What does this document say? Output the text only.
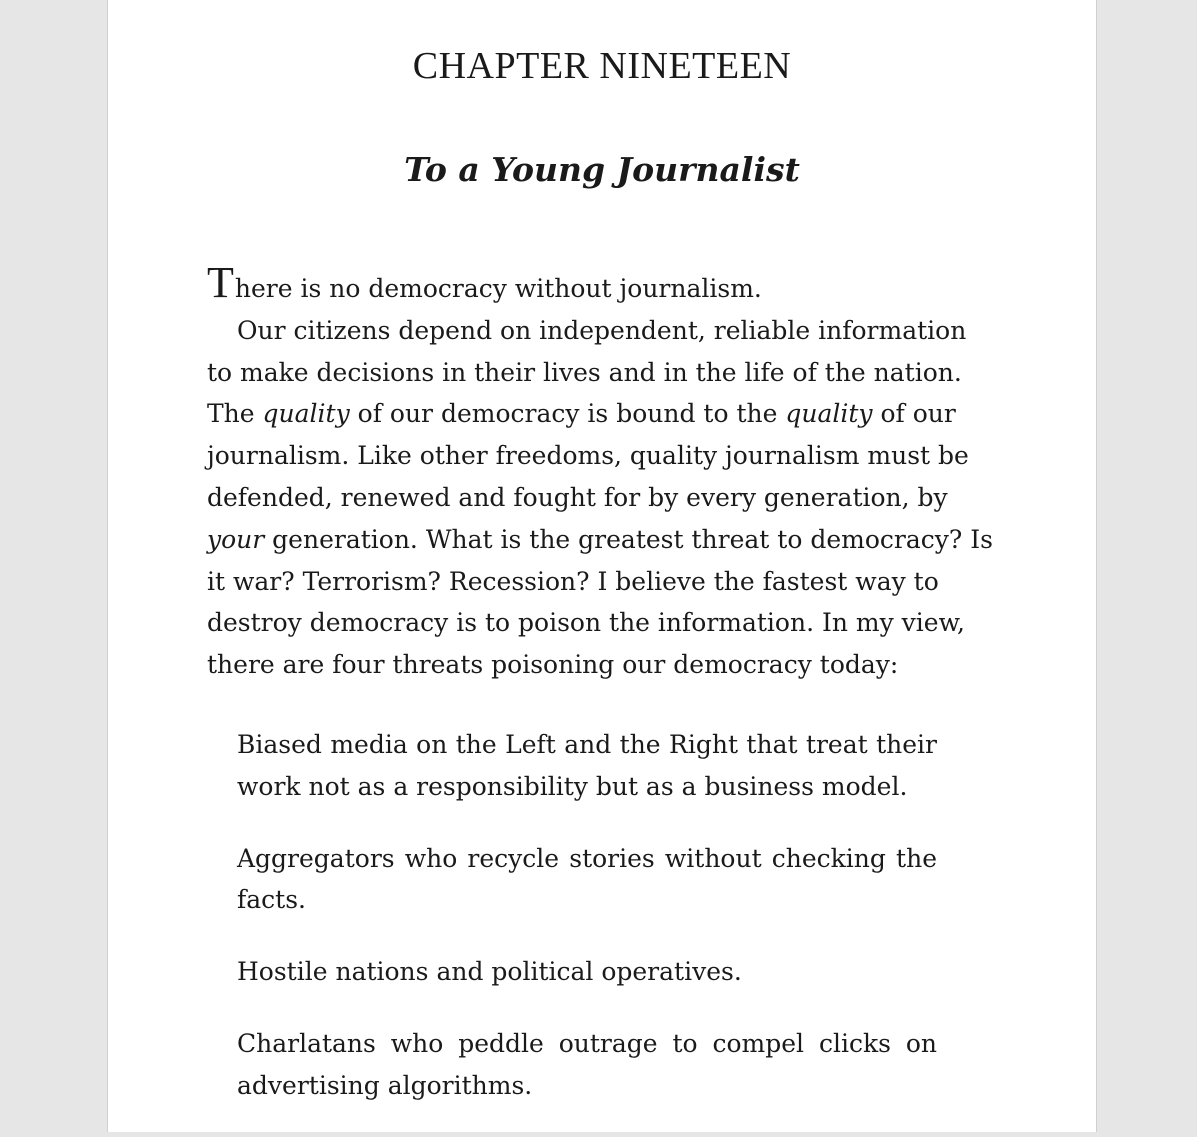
CHAPTER NINETEEN
To a Young Journalist

There is no democracy without journalism.

Our citizens depend on independent, reliable information

to make decisions in their lives and in the life of the nation.

The quality of our democracy is bound to the quality of our

journalism. Like other freedoms, quality journalism must be

defended, renewed and fought for by every generation, by

your generation. What is the greatest threat to democracy? Is

it war? Terrorism? Recession? I believe the fastest way to

destroy democracy is to poison the information. In my view,

there are four threats poisoning our democracy today:

Biased media on the Left and the Right that treat their

work not as a responsibility but as a business model.

Aggregators who recycle stories without checking the

facts.

Hostile nations and political operatives.

Charlatans who peddle outrage to compel clicks on

advertising algorithms.
